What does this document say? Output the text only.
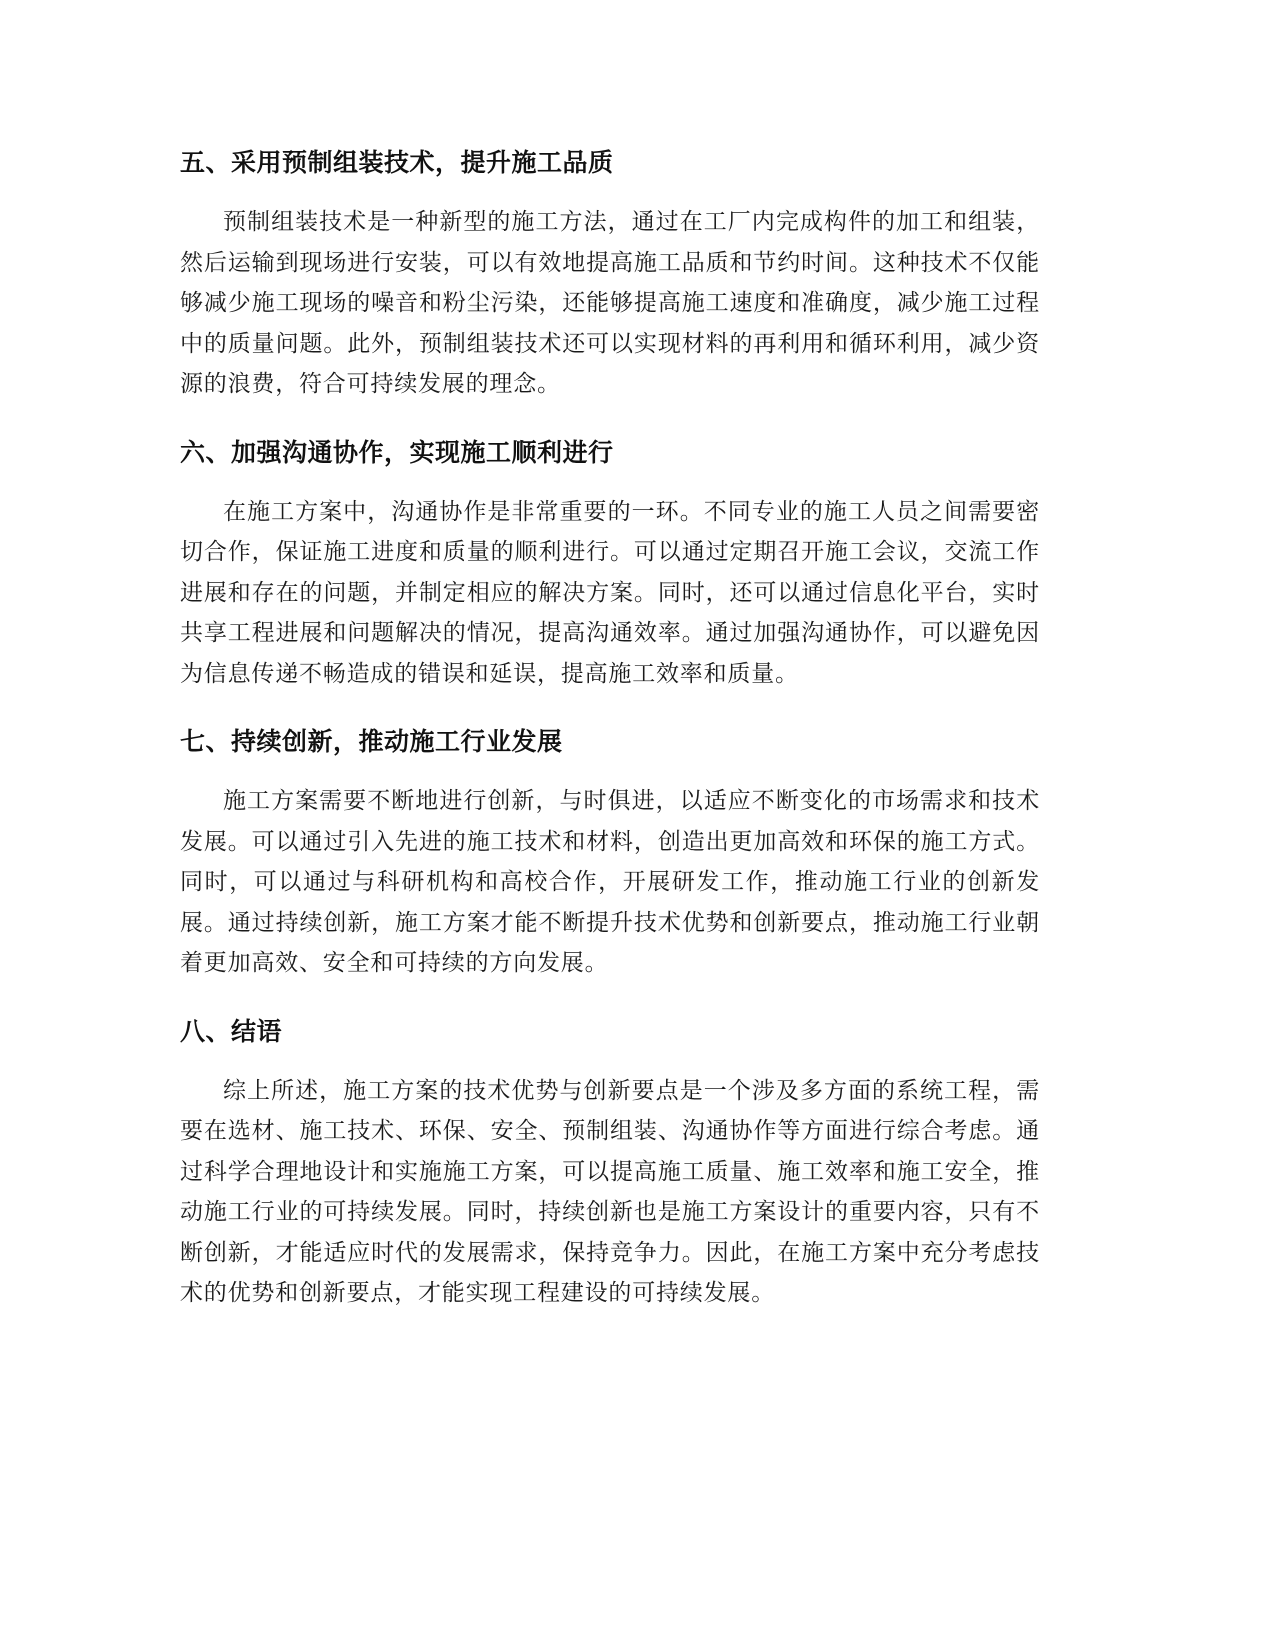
五、采用预制组装技术，提升施工品质

预制组装技术是一种新型的施工方法，通过在工厂内完成构件的加工和组装，然后运输到现场进行安装，可以有效地提高施工品质和节约时间。这种技术不仅能够减少施工现场的噪音和粉尘污染，还能够提高施工速度和准确度，减少施工过程中的质量问题。此外，预制组装技术还可以实现材料的再利用和循环利用，减少资源的浪费，符合可持续发展的理念。

六、加强沟通协作，实现施工顺利进行

在施工方案中，沟通协作是非常重要的一环。不同专业的施工人员之间需要密切合作，保证施工进度和质量的顺利进行。可以通过定期召开施工会议，交流工作进展和存在的问题，并制定相应的解决方案。同时，还可以通过信息化平台，实时共享工程进展和问题解决的情况，提高沟通效率。通过加强沟通协作，可以避免因为信息传递不畅造成的错误和延误，提高施工效率和质量。

七、持续创新，推动施工行业发展

施工方案需要不断地进行创新，与时俱进，以适应不断变化的市场需求和技术发展。可以通过引入先进的施工技术和材料，创造出更加高效和环保的施工方式。同时，可以通过与科研机构和高校合作，开展研发工作，推动施工行业的创新发展。通过持续创新，施工方案才能不断提升技术优势和创新要点，推动施工行业朝着更加高效、安全和可持续的方向发展。

八、结语

综上所述，施工方案的技术优势与创新要点是一个涉及多方面的系统工程，需要在选材、施工技术、环保、安全、预制组装、沟通协作等方面进行综合考虑。通过科学合理地设计和实施施工方案，可以提高施工质量、施工效率和施工安全，推动施工行业的可持续发展。同时，持续创新也是施工方案设计的重要内容，只有不断创新，才能适应时代的发展需求，保持竞争力。因此，在施工方案中充分考虑技术的优势和创新要点，才能实现工程建设的可持续发展。
